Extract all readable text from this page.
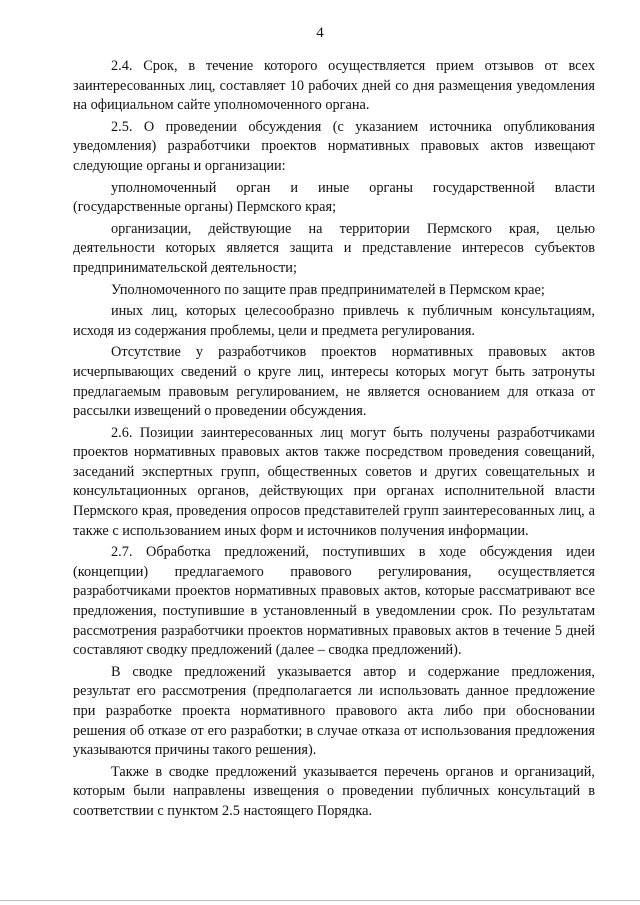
4

2.4. Срок, в течение которого осуществляется прием отзывов от всех заинтересованных лиц, составляет 10 рабочих дней со дня размещения уведомления на официальном сайте уполномоченного органа.

2.5. О проведении обсуждения (с указанием источника опубликования уведомления) разработчики проектов нормативных правовых актов извещают следующие органы и организации:

уполномоченный орган и иные органы государственной власти (государственные органы) Пермского края;

организации, действующие на территории Пермского края, целью деятельности которых является защита и представление интересов субъектов предпринимательской деятельности;

Уполномоченного по защите прав предпринимателей в Пермском крае;

иных лиц, которых целесообразно привлечь к публичным консультациям, исходя из содержания проблемы, цели и предмета регулирования.

Отсутствие у разработчиков проектов нормативных правовых актов исчерпывающих сведений о круге лиц, интересы которых могут быть затронуты предлагаемым правовым регулированием, не является основанием для отказа от рассылки извещений о проведении обсуждения.

2.6. Позиции заинтересованных лиц могут быть получены разработчиками проектов нормативных правовых актов также посредством проведения совещаний, заседаний экспертных групп, общественных советов и других совещательных и консультационных органов, действующих при органах исполнительной власти Пермского края, проведения опросов представителей групп заинтересованных лиц, а также с использованием иных форм и источников получения информации.

2.7. Обработка предложений, поступивших в ходе обсуждения идеи (концепции) предлагаемого правового регулирования, осуществляется разработчиками проектов нормативных правовых актов, которые рассматривают все предложения, поступившие в установленный в уведомлении срок. По результатам рассмотрения разработчики проектов нормативных правовых актов в течение 5 дней составляют сводку предложений (далее – сводка предложений).

В сводке предложений указывается автор и содержание предложения, результат его рассмотрения (предполагается ли использовать данное предложение при разработке проекта нормативного правового акта либо при обосновании решения об отказе от его разработки; в случае отказа от использования предложения указываются причины такого решения).

Также в сводке предложений указывается перечень органов и организаций, которым были направлены извещения о проведении публичных консультаций в соответствии с пунктом 2.5 настоящего Порядка.
